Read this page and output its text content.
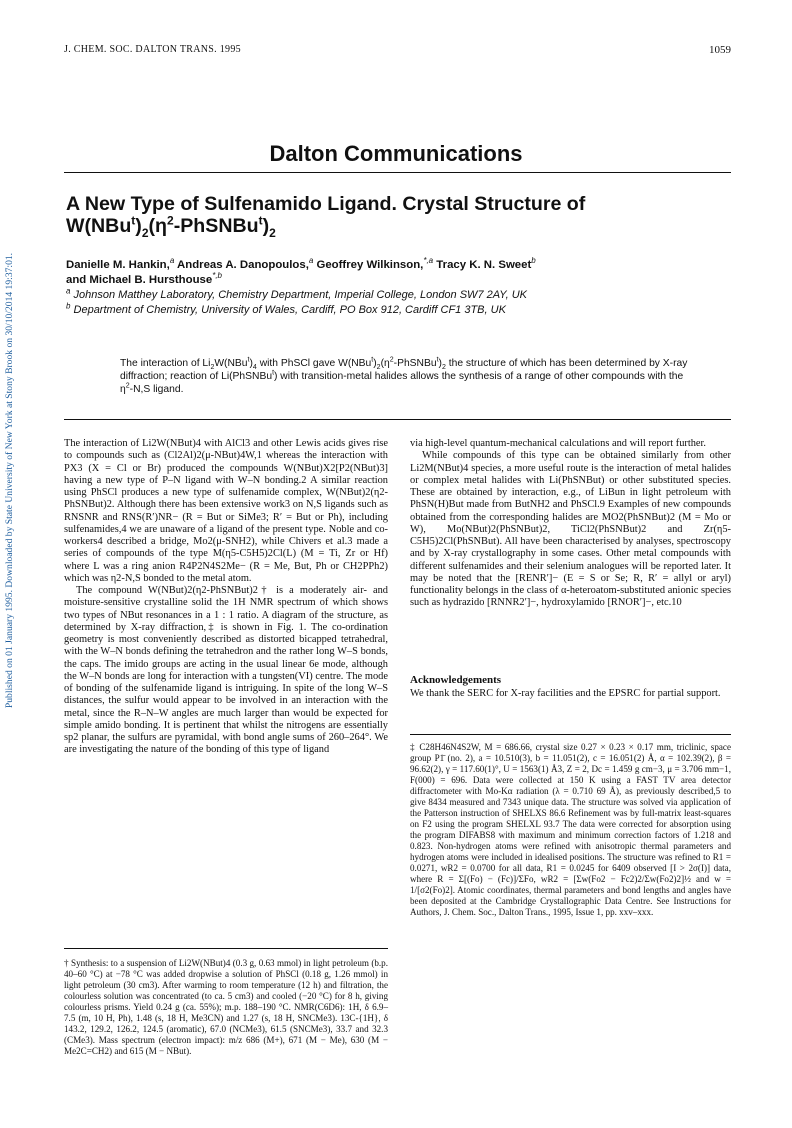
Published on 01 January 1995. Downloaded by State University of New York at Stony Brook on 30/10/2014 19:37:01.
J. CHEM. SOC. DALTON TRANS. 1995	1059
Dalton Communications
A New Type of Sulfenamido Ligand. Crystal Structure of
$W(NBu^t)_2(\eta^2-PhSNBu^t)_2$
Danielle M. Hankin,$^a$ Andreas A. Danopoulos,$^a$ Geoffrey Wilkinson,$^{*,a}$ Tracy K. N. Sweet$^b$
and Michael B. Hursthouse$^{*,b}$
$^a$ Johnson Matthey Laboratory, Chemistry Department, Imperial College, London SW7 2AY, UK
$^b$ Department of Chemistry, University of Wales, Cardiff, PO Box 912, Cardiff CF1 3TB, UK
The interaction of $Li_2W(NBu^t)_4$ with PhSCl gave $W(NBu^t)_2(\eta^2-PhSNBu^t)_2$ the structure of which has been determined by X-ray diffraction; reaction of Li(PhSNBu$^t$) with transition-metal halides allows the synthesis of a range of other compounds with the $\eta^2-N,S$ ligand.

The interaction of Li2W(NBut)4 with AlCl3 and other Lewis acids gives rise to compounds such as (Cl2Al)2(μ-NBut)4W,1 whereas the interaction with PX3 (X = Cl or Br) produced the compounds W(NBut)X2[P2(NBut)3] having a new type of P–N ligand with W–N bonding.2 A similar reaction using PhSCl produces a new type of sulfenamide complex, W(NBut)2(η2-PhSNBut)2. Although there has been extensive work3 on N,S ligands such as RNSNR and RNS(R′)NR− (R = But or SiMe3; R′ = But or Ph), including sulfenamides,4 we are unaware of a ligand of the present type. Noble and co-workers4 described a bridge, Mo2(μ-SNH2), while Chivers et al.3 made a series of compounds of the type M(η5-C5H5)2Cl(L) (M = Ti, Zr or Hf) where L was a ring anion R4P2N4S2Me− (R = Me, But, Ph or CH2PPh2) which was η2-N,S bonded to the metal atom.

The compound W(NBut)2(η2-PhSNBut)2† is a moderately air- and moisture-sensitive crystalline solid the 1H NMR spectrum of which shows two types of NBut resonances in a 1 : 1 ratio. A diagram of the structure, as determined by X-ray diffraction,‡ is shown in Fig. 1. The co-ordination geometry is most conveniently described as distorted bicapped tetrahedral, with the W–N bonds defining the tetrahedron and the rather long W–S bonds, the caps. The imido groups are acting in the usual linear 6e mode, although the W–N bonds are long for interaction with a tungsten(VI) centre. The mode of bonding of the sulfenamide ligand is intriguing. In spite of the long W–S distances, the sulfur would appear to be involved in an interaction with the metal, since the R–N–W angles are much larger than would be expected for simple amido bonding. It is pertinent that whilst the nitrogens are essentially sp2 planar, the sulfurs are pyramidal, with bond angle sums of 260–264°. We are investigating the nature of the bonding of this type of ligand

via high-level quantum-mechanical calculations and will report further.

While compounds of this type can be obtained similarly from other Li2M(NBut)4 species, a more useful route is the interaction of metal halides or complex metal halides with Li(PhSNBut) or other substituted species. These are obtained by interaction, e.g., of LiBun in light petroleum with PhSN(H)But made from ButNH2 and PhSCl.9 Examples of new compounds obtained from the corresponding halides are MO2(PhSNBut)2 (M = Mo or W), Mo(NBut)2(PhSNBut)2, TiCl2(PhSNBut)2 and Zr(η5-C5H5)2Cl(PhSNBut). All have been characterised by analyses, spectroscopy and by X-ray crystallography in some cases. Other metal compounds with different sulfenamides and their selenium analogues will be reported later. It may be noted that the [RENR′]− (E = S or Se; R, R′ = allyl or aryl) functionality belongs in the class of α-heteroatom-substituted anionic species such as hydrazido [RNNR2′]−, hydroxylamido [RNOR′]−, etc.10

Acknowledgements
We thank the SERC for X-ray facilities and the EPSRC for partial support.
‡ C28H46N4S2W, M = 686.66, crystal size 0.27 × 0.23 × 0.17 mm, triclinic, space group P1̄ (no. 2), a = 10.510(3), b = 11.051(2), c = 16.051(2) Å, α = 102.39(2), β = 96.62(2), γ = 117.60(1)°, U = 1563(1) Å3, Z = 2, Dc = 1.459 g cm−3, μ = 3.706 mm−1, F(000) = 696. Data were collected at 150 K using a FAST TV area detector diffractometer with Mo-Kα radiation (λ = 0.710 69 Å), as previously described,5 to give 8434 measured and 7343 unique data. The structure was solved via application of the Patterson instruction of SHELXS 86.6 Refinement was by full-matrix least-squares on F2 using the program SHELXL 93.7 The data were corrected for absorption using the program DIFABS8 with maximum and minimum correction factors of 1.218 and 0.823. Non-hydrogen atoms were refined with anisotropic thermal parameters and hydrogen atoms were included in idealised positions. The structure was refined to R1 = 0.0271, wR2 = 0.0700 for all data, R1 = 0.0245 for 6409 observed [I > 2σ(I)] data, where R = Σ[(Fo) − (Fc)]/ΣFo, wR2 = [Σw(Fo2 − Fc2)2/Σw(Fo2)2]½ and w = 1/[σ2(Fo)2]. Atomic coordinates, thermal parameters and bond lengths and angles have been deposited at the Cambridge Crystallographic Data Centre. See Instructions for Authors, J. Chem. Soc., Dalton Trans., 1995, Issue 1, pp. xxv–xxx.
† Synthesis: to a suspension of Li2W(NBut)4 (0.3 g, 0.63 mmol) in light petroleum (b.p. 40–60 °C) at −78 °C was added dropwise a solution of PhSCl (0.18 g, 1.26 mmol) in light petroleum (30 cm3). After warming to room temperature (12 h) and filtration, the colourless solution was concentrated (to ca. 5 cm3) and cooled (−20 °C) for 8 h, giving colourless prisms. Yield 0.24 g (ca. 55%); m.p. 188–190 °C. NMR(C6D6): 1H, δ 6.9–7.5 (m, 10 H, Ph), 1.48 (s, 18 H, Me3CN) and 1.27 (s, 18 H, SNCMe3). 13C-{1H}, δ 143.2, 129.2, 126.2, 124.5 (aromatic), 67.0 (NCMe3), 61.5 (SNCMe3), 33.7 and 32.3 (CMe3). Mass spectrum (electron impact): m/z 686 (M+), 671 (M − Me), 630 (M − Me2C=CH2) and 615 (M − NBut).
